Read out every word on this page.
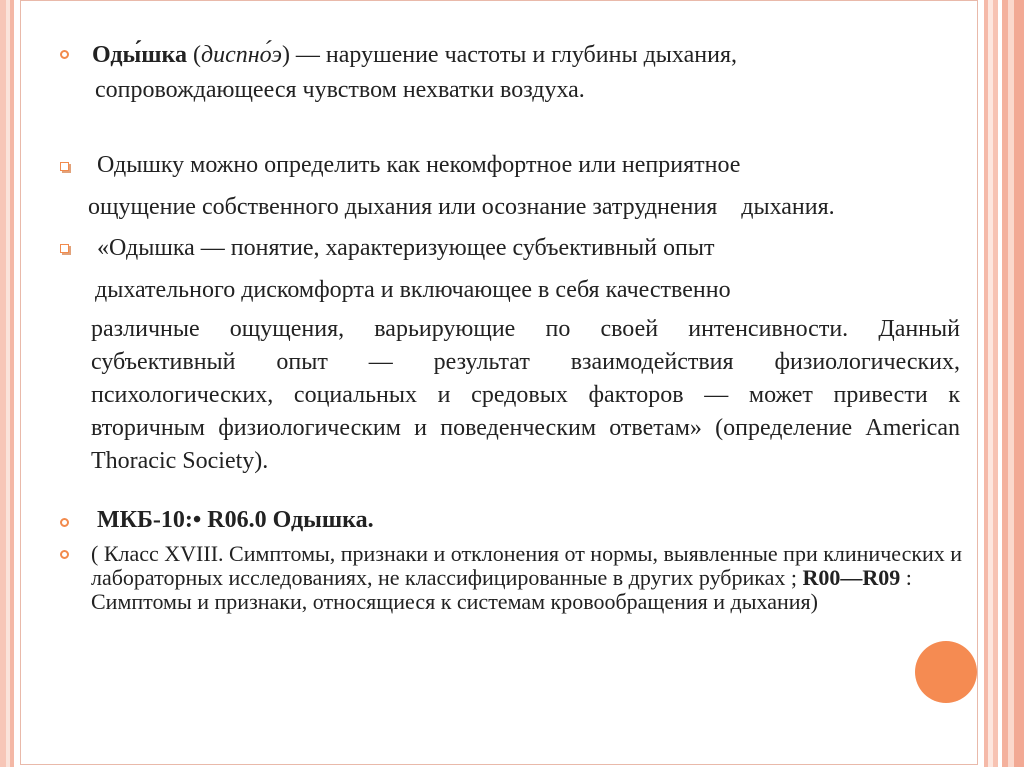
Оды́шка (диспно́э) — нарушение частоты и глубины дыхания,
сопровождающееся чувством нехватки воздуха.
Одышку можно определить как некомфортное или неприятное
ощущение собственного дыхания или осознание затруднения    дыхания.
«Одышка — понятие, характеризующее субъективный опыт
дыхательного дискомфорта и включающее в себя качественно
различные ощущения, варьирующие по своей интенсивности. Данный субъективный опыт — результат взаимодействия физиологических, психологических, социальных и средовых факторов — может привести к вторичным физиологическим и поведенческим ответам» (определение American Thoracic Society).
МКБ-10:• R06.0 Одышка.
( Класс XVIII. Симптомы, признаки и отклонения от нормы, выявленные при клинических и лабораторных исследованиях, не классифицированные в других рубриках ; R00—R09 : Симптомы и признаки, относящиеся к системам кровообращения и дыхания)
